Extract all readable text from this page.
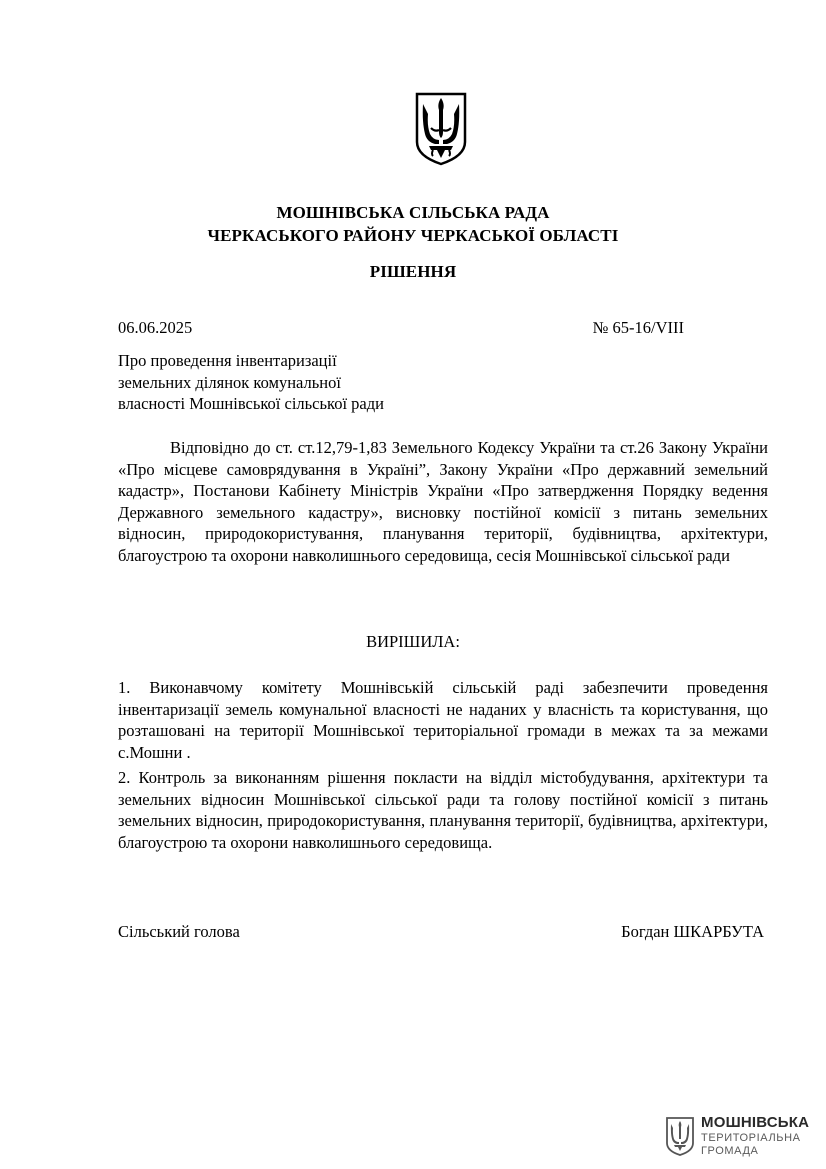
МОШНІВСЬКА СІЛЬСЬКА РАДА
ЧЕРКАСЬКОГО РАЙОНУ ЧЕРКАСЬКОЇ ОБЛАСТІ
РІШЕННЯ
06.06.2025	№ 65-16/VIII
Про проведення інвентаризації
земельних ділянок комунальної
власності Мошнівської сільської ради

Відповідно до ст. ст.12,79-1,83 Земельного Кодексу України та ст.26 Закону України «Про місцеве самоврядування в Україні”, Закону України «Про державний земельний кадастр», Постанови Кабінету Міністрів України «Про затвердження Порядку ведення Державного земельного кадастру», висновку постійної комісії з питань земельних відносин, природокористування, планування території, будівництва, архітектури, благоустрою та охорони навколишнього середовища, сесія Мошнівської сільської ради

ВИРІШИЛА:

1. Виконавчому комітету Мошнівській сільській раді забезпечити проведення інвентаризації земель комунальної власності не наданих у власність та користування, що розташовані на території Мошнівської територіальної громади в межах та за межами с.Мошни .

2. Контроль за виконанням рішення покласти на відділ містобудування, архітектури та земельних відносин Мошнівської сільської ради та голову постійної комісії з питань земельних відносин, природокористування, планування території, будівництва, архітектури, благоустрою та охорони навколишнього середовища.

Сільський голова	Богдан ШКАРБУТА
МОШНІВСЬКА
ТЕРИТОРІАЛЬНА
ГРОМАДА
